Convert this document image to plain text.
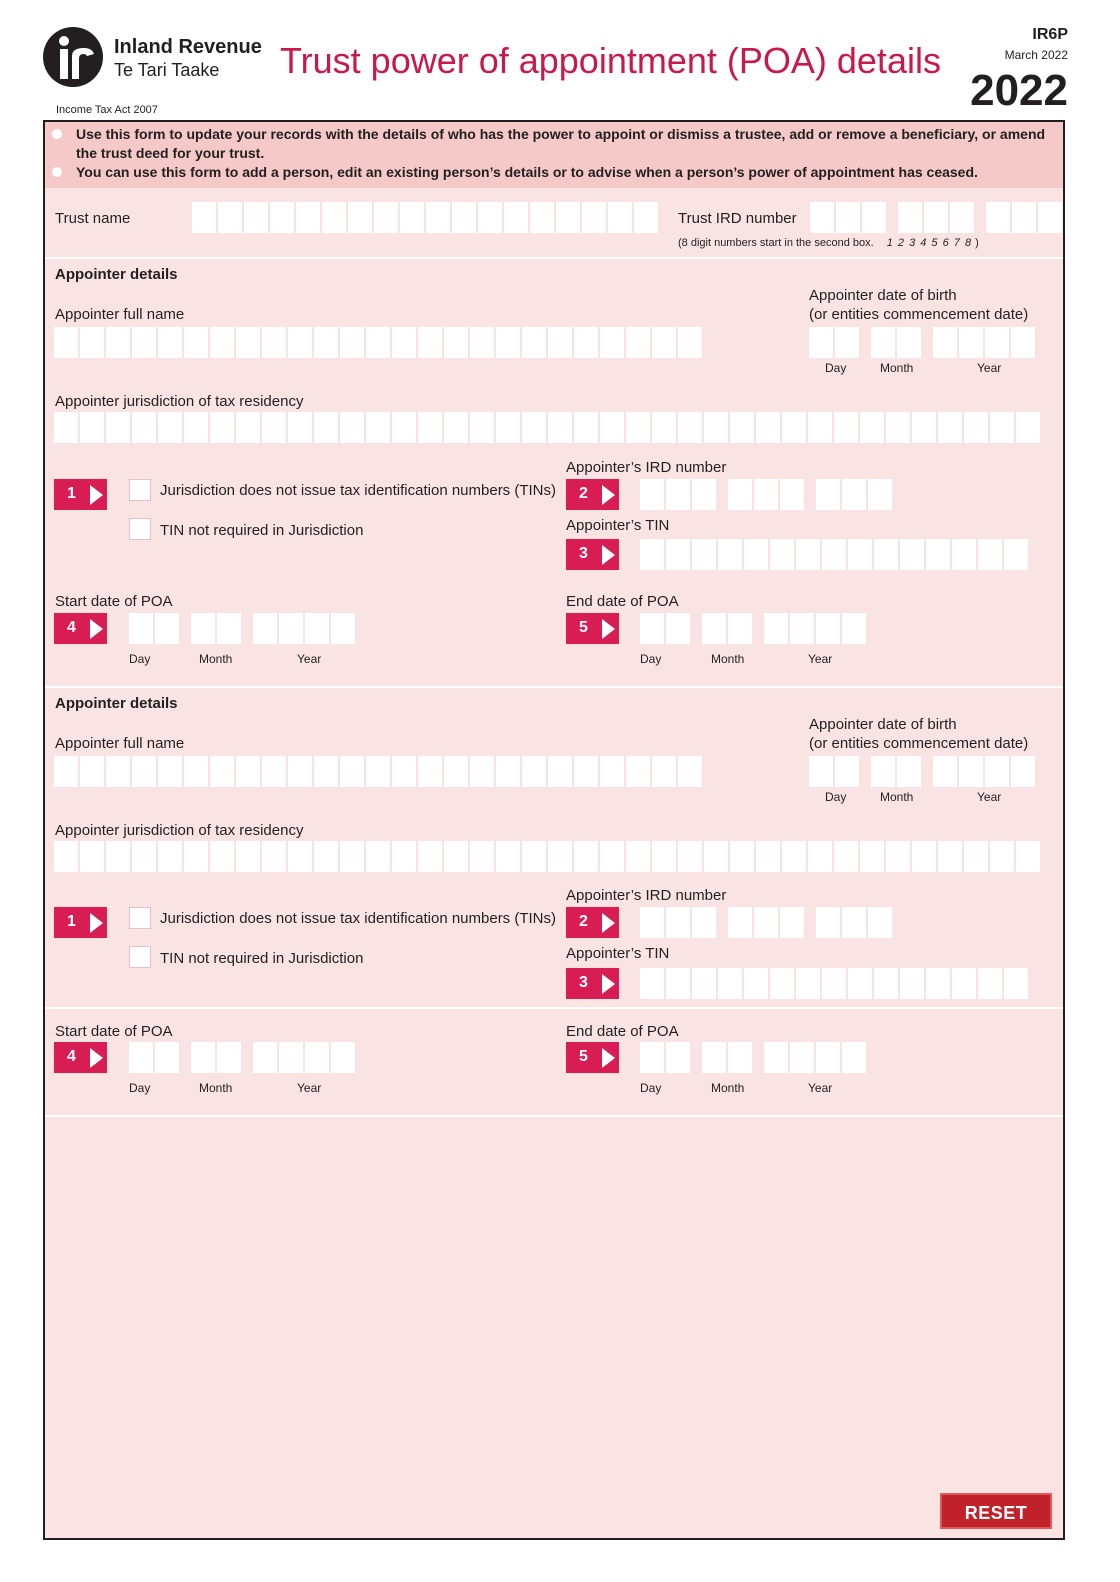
Inland Revenue
Te Tari Taake
Income Tax Act 2007
Trust power of appointment (POA) details
IR6P
March 2022
2022
Use this form to update your records with the details of who has the power to appoint or dismiss a trustee, add or remove a beneficiary, or amend
the trust deed for your trust.
You can use this form to add a person, edit an existing person’s details or to advise when a person’s power of appointment has ceased.
Trust name	Trust IRD number
(8 digit numbers start in the second box. 1 2 3 4 5 6 7 8 )
Appointer details
Appointer full name
Appointer date of birth
(or entities commencement date)
Day	Month	Year
Appointer jurisdiction of tax residency
1	Jurisdiction does not issue tax identification numbers (TINs)
TIN not required in Jurisdiction
Appointer’s IRD number
2
Appointer’s TIN
3
Start date of POA
4
Day	Month	Year
End date of POA
5
Day	Month	Year
Appointer details
Appointer full name
Appointer date of birth
(or entities commencement date)
Day	Month	Year
Appointer jurisdiction of tax residency
1	Jurisdiction does not issue tax identification numbers (TINs)
TIN not required in Jurisdiction
Appointer’s IRD number
2
Appointer’s TIN
3
Start date of POA
4
Day	Month	Year
End date of POA
5
Day	Month	Year
RESET FORM
